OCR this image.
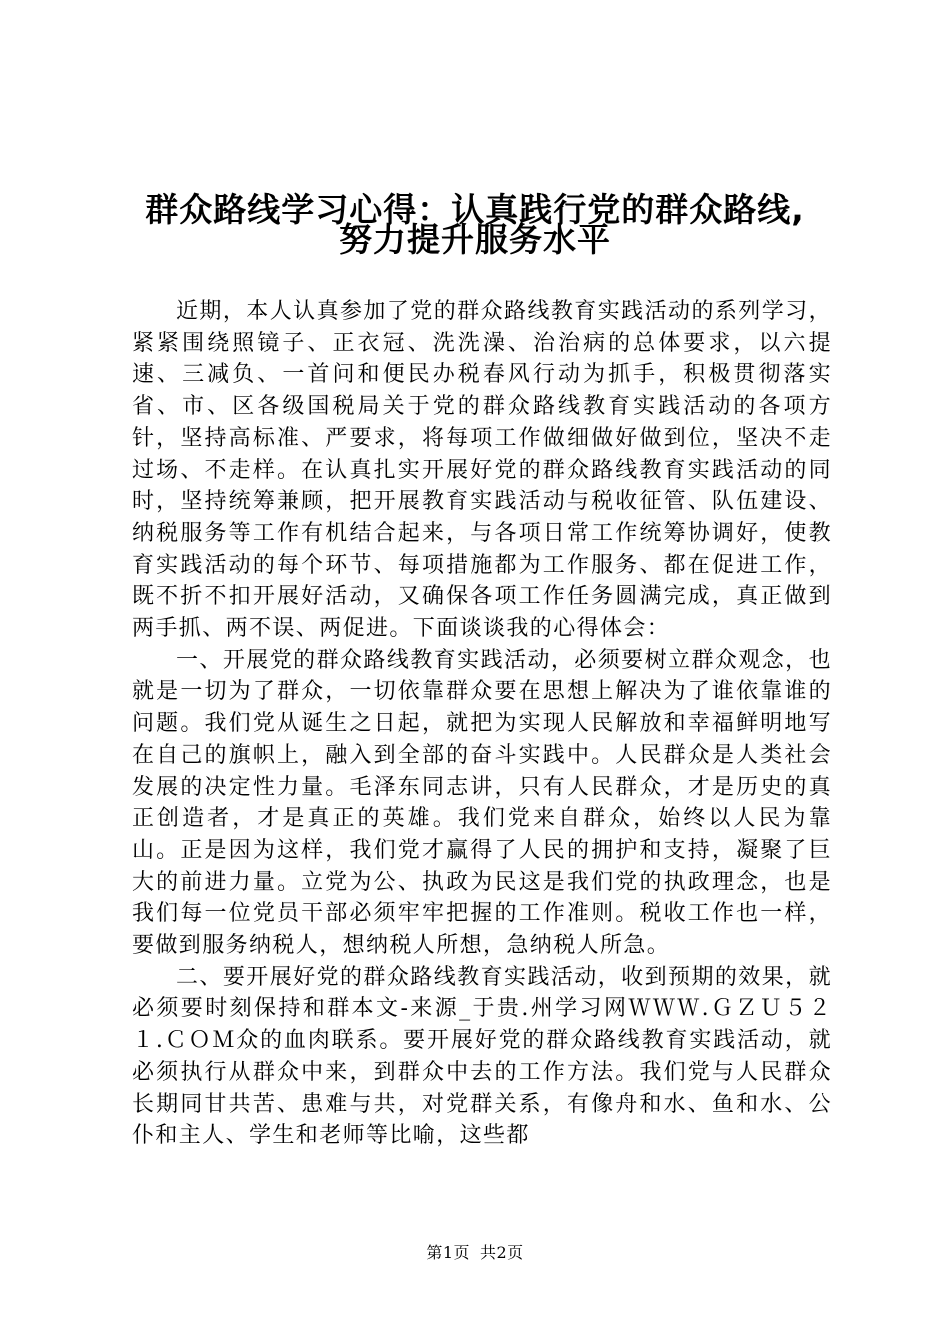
群众路线学习心得：认真践行党的群众路线,
努力提升服务水平

近期，本人认真参加了党的群众路线教育实践活动的系列学习，紧紧围绕照镜子、正衣冠、洗洗澡、治治病的总体要求，以六提速、三减负、一首问和便民办税春风行动为抓手，积极贯彻落实省、市、区各级国税局关于党的群众路线教育实践活动的各项方针，坚持高标准、严要求，将每项工作做细做好做到位，坚决不走过场、不走样。在认真扎实开展好党的群众路线教育实践活动的同时，坚持统筹兼顾，把开展教育实践活动与税收征管、队伍建设、纳税服务等工作有机结合起来，与各项日常工作统筹协调好，使教育实践活动的每个环节、每项措施都为工作服务、都在促进工作，既不折不扣开展好活动，又确保各项工作任务圆满完成，真正做到两手抓、两不误、两促进。下面谈谈我的心得体会：

一、开展党的群众路线教育实践活动，必须要树立群众观念，也就是一切为了群众，一切依靠群众要在思想上解决为了谁依靠谁的问题。我们党从诞生之日起，就把为实现人民解放和幸福鲜明地写在自己的旗帜上，融入到全部的奋斗实践中。人民群众是人类社会发展的决定性力量。毛泽东同志讲，只有人民群众，才是历史的真正创造者，才是真正的英雄。我们党来自群众，始终以人民为靠山。正是因为这样，我们党才赢得了人民的拥护和支持，凝聚了巨大的前进力量。立党为公、执政为民这是我们党的执政理念，也是我们每一位党员干部必须牢牢把握的工作准则。税收工作也一样，要做到服务纳税人，想纳税人所想，急纳税人所急。

二、要开展好党的群众路线教育实践活动，收到预期的效果，就必须要时刻保持和群本文-来源_于贵.州学习网ＷＷＷ.ＧＺＵ５２１.ＣＯＭ众的血肉联系。要开展好党的群众路线教育实践活动，就必须执行从群众中来，到群众中去的工作方法。我们党与人民群众长期同甘共苦、患难与共，对党群关系，有像舟和水、鱼和水、公仆和主人、学生和老师等比喻，这些都

第1页 共2页
